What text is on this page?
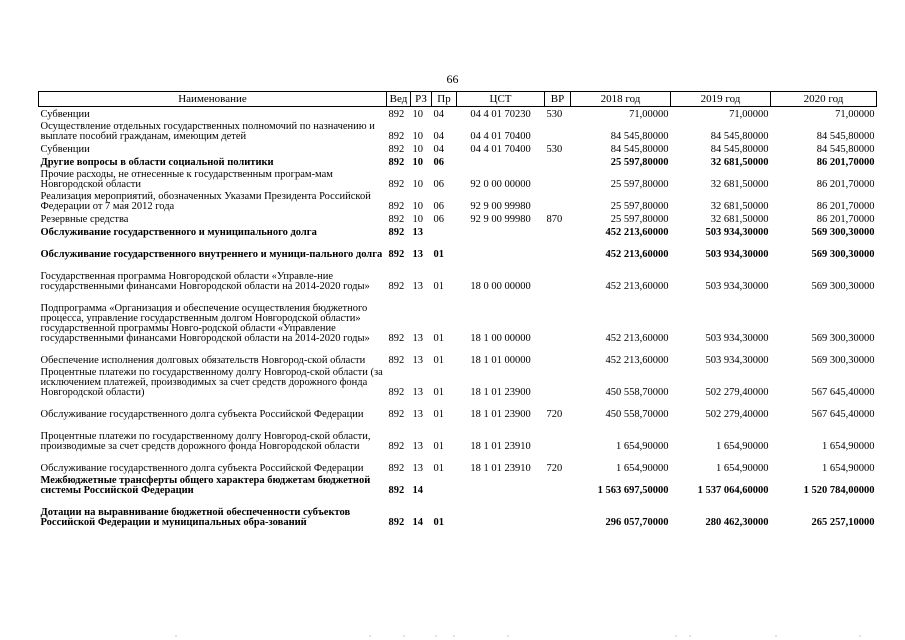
66
Наименование	Вед	РЗ	Пр	ЦСТ	ВР	2018 год	2019 год	2020 год
Субвенции	892	10	04	04 4 01 70230	530	71,00000	71,00000	71,00000
Осуществление отдельных государственных полномочий по назначению и выплате пособий гражданам, имеющим детей	892	10	04	04 4 01 70400		84 545,80000	84 545,80000	84 545,80000
Субвенции	892	10	04	04 4 01 70400	530	84 545,80000	84 545,80000	84 545,80000
Другие вопросы в области социальной политики	892	10	06			25 597,80000	32 681,50000	86 201,70000
Прочие расходы, не отнесенные к государственным програм-мам Новгородской области	892	10	06	92 0 00 00000		25 597,80000	32 681,50000	86 201,70000
Реализация мероприятий, обозначенных Указами Президента Российской Федерации от 7 мая 2012 года	892	10	06	92 9 00 99980		25 597,80000	32 681,50000	86 201,70000
Резервные средства	892	10	06	92 9 00 99980	870	25 597,80000	32 681,50000	86 201,70000
Обслуживание государственного и муниципального долга	892	13				452 213,60000	503 934,30000	569 300,30000
Обслуживание государственного внутреннего и муници-пального долга	892	13	01			452 213,60000	503 934,30000	569 300,30000
Государственная программа Новгородской области «Управле-ние государственными финансами Новгородской области на 2014-2020 годы»	892	13	01	18 0 00 00000		452 213,60000	503 934,30000	569 300,30000
Подпрограмма «Организация и обеспечение осуществления бюджетного процесса, управление государственным долгом Новгородской области» государственной программы Новго-родской области «Управление государственными финансами Новгородской области на 2014-2020 годы»	892	13	01	18 1 00 00000		452 213,60000	503 934,30000	569 300,30000
Обеспечение исполнения долговых обязательств Новгород-ской области	892	13	01	18 1 01 00000		452 213,60000	503 934,30000	569 300,30000
Процентные платежи по государственному долгу Новгород-ской области (за исключением платежей, производимых за счет средств дорожного фонда Новгородской области)	892	13	01	18 1 01 23900		450 558,70000	502 279,40000	567 645,40000
Обслуживание государственного долга субъекта Российской Федерации	892	13	01	18 1 01 23900	720	450 558,70000	502 279,40000	567 645,40000
Процентные платежи по государственному долгу Новгород-ской области, производимые за счет средств дорожного фонда Новгородской области	892	13	01	18 1 01 23910		1 654,90000	1 654,90000	1 654,90000
Обслуживание государственного долга субъекта Российской Федерации	892	13	01	18 1 01 23910	720	1 654,90000	1 654,90000	1 654,90000
Межбюджетные трансферты общего характера бюджетам бюджетной системы Российской Федерации	892	14				1 563 697,50000	1 537 064,60000	1 520 784,00000
Дотации на выравнивание бюджетной обеспеченности субъектов Российской Федерации и муниципальных обра-зований	892	14	01			296 057,70000	280 462,30000	265 257,10000
